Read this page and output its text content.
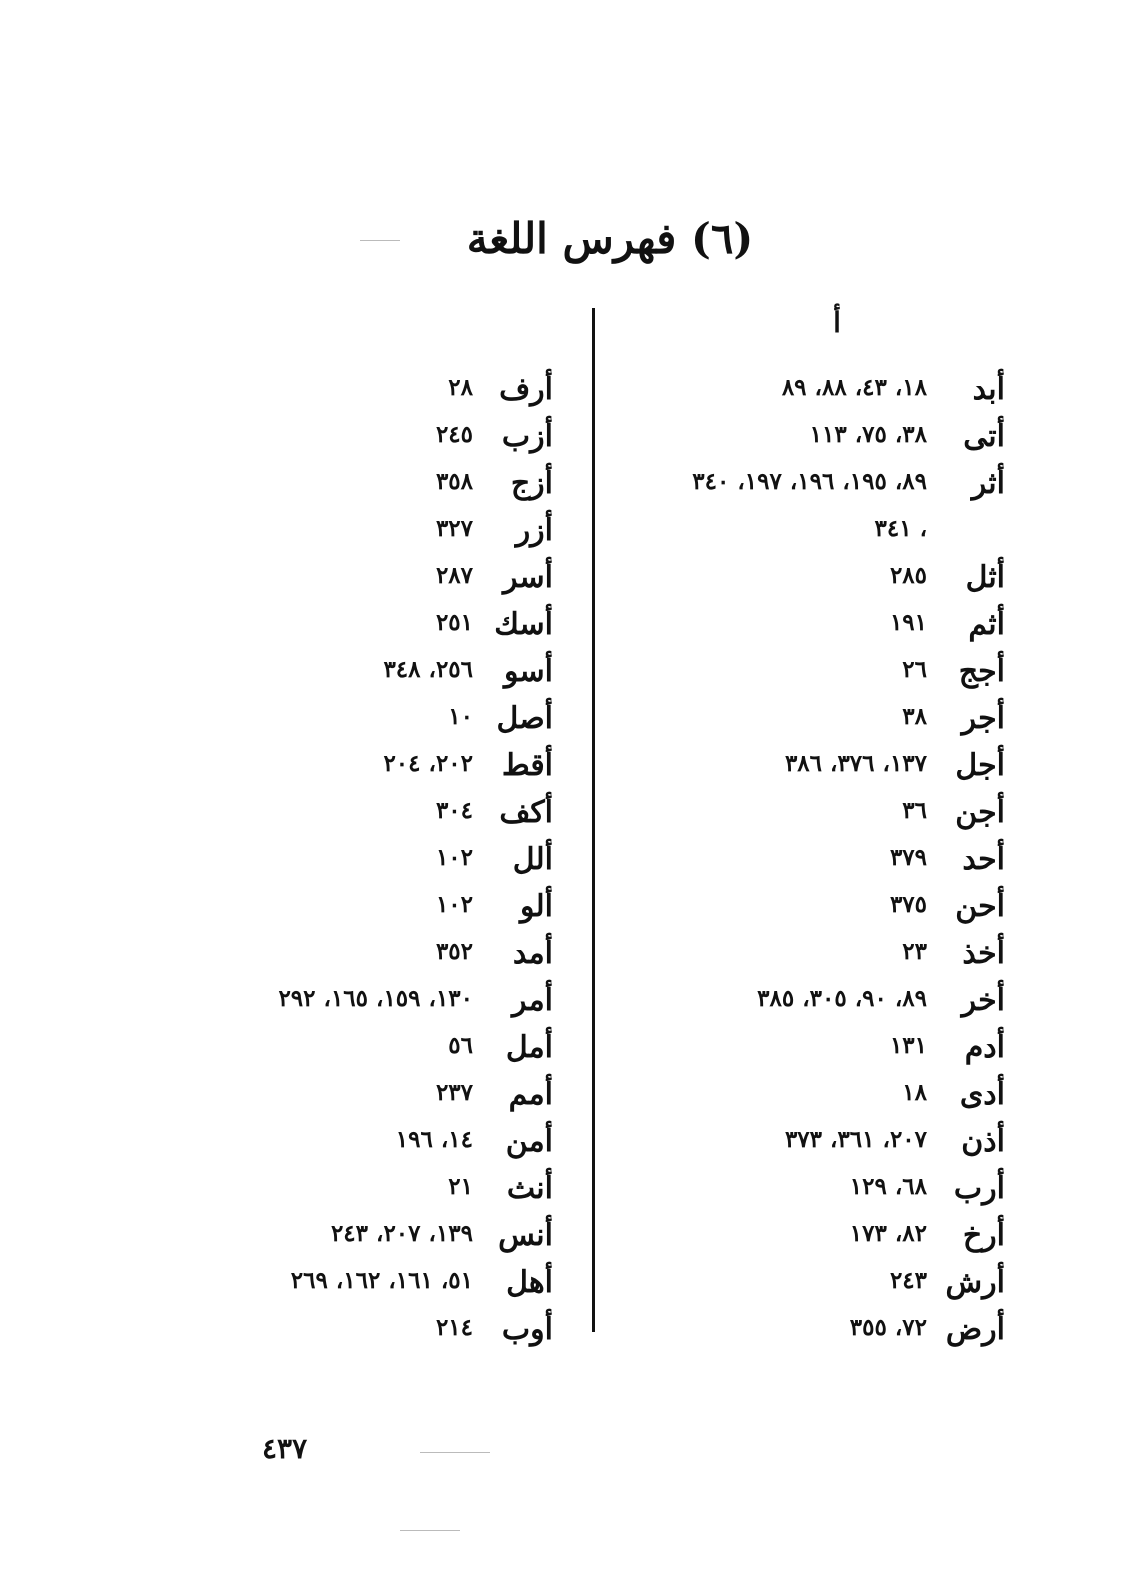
(٦) فهرس اللغة
أ
أبد
١٨، ٤٣، ٨٨، ٨٩
أتى
٣٨، ٧٥، ١١٣
أثر
٨٩، ١٩٥، ١٩٦، ١٩٧، ٣٤٠
، ٣٤١
أثل
٢٨٥
أثم
١٩١
أجج
٢٦
أجر
٣٨
أجل
١٣٧، ٣٧٦، ٣٨٦
أجن
٣٦
أحد
٣٧٩
أحن
٣٧٥
أخذ
٢٣
أخر
٨٩، ٩٠، ٣٠٥، ٣٨٥
أدم
١٣١
أدى
١٨
أذن
٢٠٧، ٣٦١، ٣٧٣
أرب
٦٨، ١٢٩
أرخ
٨٢، ١٧٣
أرش
٢٤٣
أرض
٧٢، ٣٥٥
أرف
٢٨
أزب
٢٤٥
أزج
٣٥٨
أزر
٣٢٧
أسر
٢٨٧
أسك
٢٥١
أسو
٢٥٦، ٣٤٨
أصل
١٠
أقط
٢٠٢، ٢٠٤
أكف
٣٠٤
ألل
١٠٢
ألو
١٠٢
أمد
٣٥٢
أمر
١٣٠، ١٥٩، ١٦٥، ٢٩٢
أمل
٥٦
أمم
٢٣٧
أمن
١٤، ١٩٦
أنث
٢١
أنس
١٣٩، ٢٠٧، ٢٤٣
أهل
٥١، ١٦١، ١٦٢، ٢٦٩
أوب
٢١٤
٤٣٧
